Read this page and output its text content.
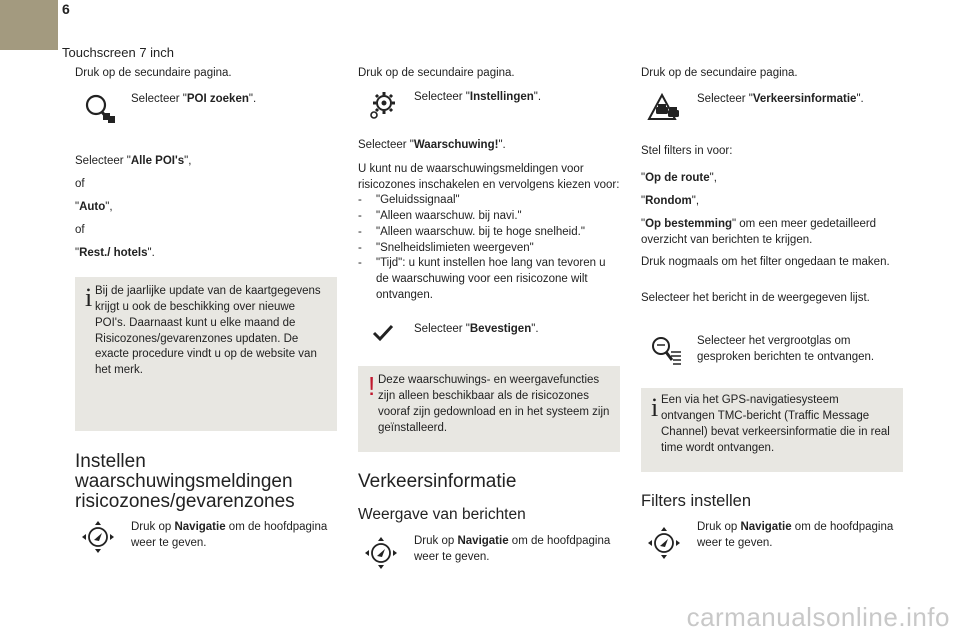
6
Touchscreen 7 inch
Druk op de secundaire pagina.
Selecteer "POI zoeken".
Selecteer "Alle POI's",
of
"Auto",
of
"Rest./ hotels".
i Bij de jaarlijke update van de kaartgegevens krijgt u ook de beschikking over nieuwe POI's. Daarnaast kunt u elke maand de Risicozones/gevarenzones updaten. De exacte procedure vindt u op de website van het merk.
Instellen waarschuwingsmeldingen risicozones/gevarenzones
Druk op Navigatie om de hoofdpagina weer te geven.
Druk op de secundaire pagina.
Selecteer "Instellingen".
Selecteer "Waarschuwing!".
U kunt nu de waarschuwingsmeldingen voor risicozones inschakelen en vervolgens kiezen voor:
- "Geluidssignaal"
- "Alleen waarschuw. bij navi."
- "Alleen waarschuw. bij te hoge snelheid."
- "Snelheidslimieten weergeven"
- "Tijd": u kunt instellen hoe lang van tevoren u de waarschuwing voor een risicozone wilt ontvangen.
Selecteer "Bevestigen".
! Deze waarschuwings- en weergavefuncties zijn alleen beschikbaar als de risicozones vooraf zijn gedownload en in het systeem zijn geïnstalleerd.
Verkeersinformatie
Weergave van berichten
Druk op Navigatie om de hoofdpagina weer te geven.
Druk op de secundaire pagina.
Selecteer "Verkeersinformatie".
Stel filters in voor:
"Op de route",
"Rondom",
"Op bestemming" om een meer gedetailleerd overzicht van berichten te krijgen.
Druk nogmaals om het filter ongedaan te maken.
Selecteer het bericht in de weergegeven lijst.
Selecteer het vergrootglas om gesproken berichten te ontvangen.
i Een via het GPS-navigatiesysteem ontvangen TMC-bericht (Traffic Message Channel) bevat verkeersinformatie die in real time wordt ontvangen.
Filters instellen
Druk op Navigatie om de hoofdpagina weer te geven.
carmanualsonline.info
